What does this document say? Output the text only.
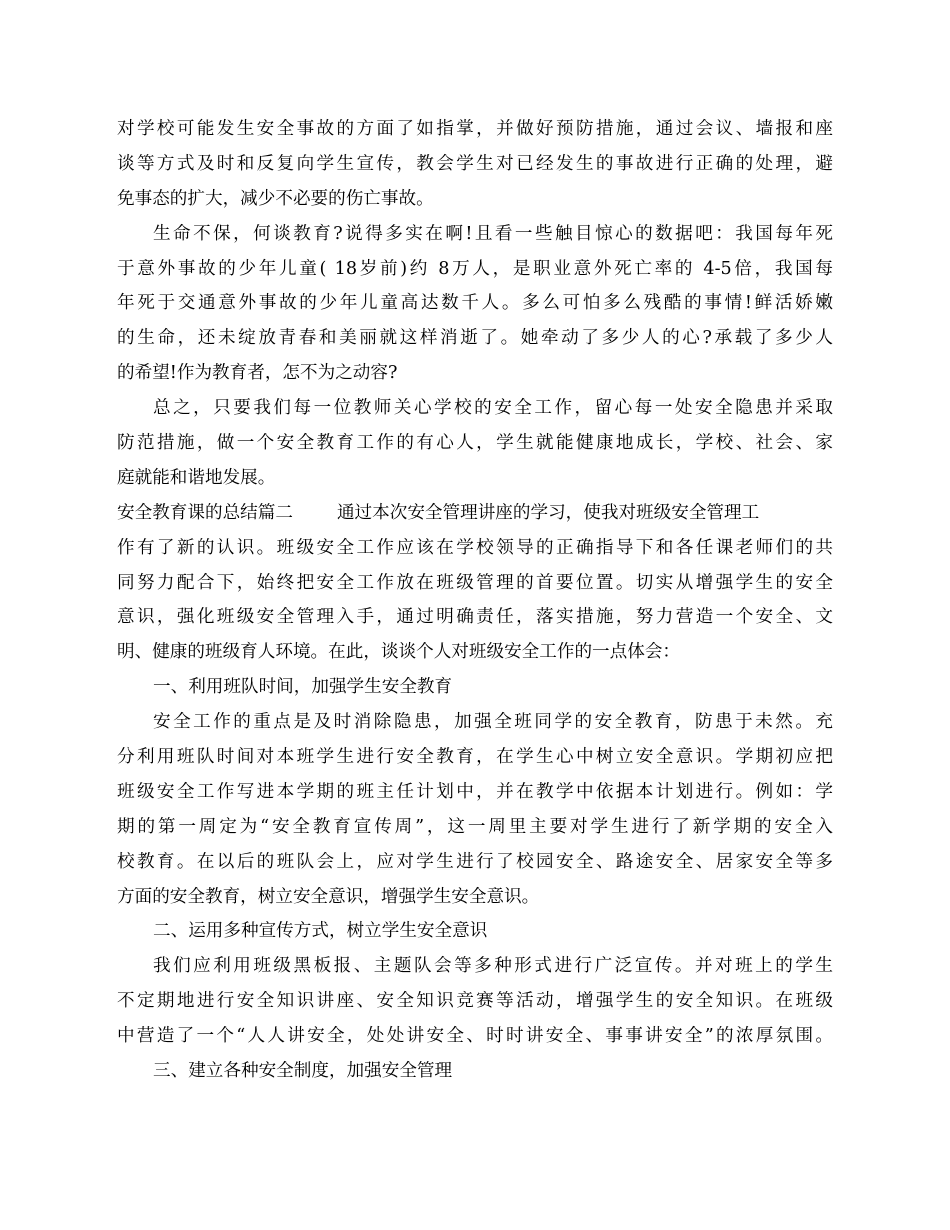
对学校可能发生安全事故的方面了如指掌，并做好预防措施，通过会议、墙报和座
谈等方式及时和反复向学生宣传，教会学生对已经发生的事故进行正确的处理，避
免事态的扩大，减少不必要的伤亡事故。
生命不保，何谈教育?说得多实在啊!且看一些触目惊心的数据吧：我国每年死
于意外事故的少年儿童( 18岁前)约 8万人，是职业意外死亡率的 4-5倍，我国每
年死于交通意外事故的少年儿童高达数千人。多么可怕多么残酷的事情!鲜活娇嫩
的生命，还未绽放青春和美丽就这样消逝了。她牵动了多少人的心?承载了多少人
的希望!作为教育者，怎不为之动容?
总之，只要我们每一位教师关心学校的安全工作，留心每一处安全隐患并采取
防范措施，做一个安全教育工作的有心人，学生就能健康地成长，学校、社会、家
庭就能和谐地发展。
安全教育课的总结篇二	通过本次安全管理讲座的学习，使我对班级安全管理工
作有了新的认识。班级安全工作应该在学校领导的正确指导下和各任课老师们的共
同努力配合下，始终把安全工作放在班级管理的首要位置。切实从增强学生的安全
意识，强化班级安全管理入手，通过明确责任，落实措施，努力营造一个安全、文
明、健康的班级育人环境。在此，谈谈个人对班级安全工作的一点体会：
一、利用班队时间，加强学生安全教育
安全工作的重点是及时消除隐患，加强全班同学的安全教育，防患于未然。充
分利用班队时间对本班学生进行安全教育，在学生心中树立安全意识。学期初应把
班级安全工作写进本学期的班主任计划中，并在教学中依据本计划进行。例如：学
期的第一周定为“安全教育宣传周”，这一周里主要对学生进行了新学期的安全入
校教育。在以后的班队会上，应对学生进行了校园安全、路途安全、居家安全等多
方面的安全教育，树立安全意识，增强学生安全意识。
二、运用多种宣传方式，树立学生安全意识
我们应利用班级黑板报、主题队会等多种形式进行广泛宣传。并对班上的学生
不定期地进行安全知识讲座、安全知识竞赛等活动，增强学生的安全知识。在班级
中营造了一个“人人讲安全，处处讲安全、时时讲安全、事事讲安全”的浓厚氛围。
三、建立各种安全制度，加强安全管理
